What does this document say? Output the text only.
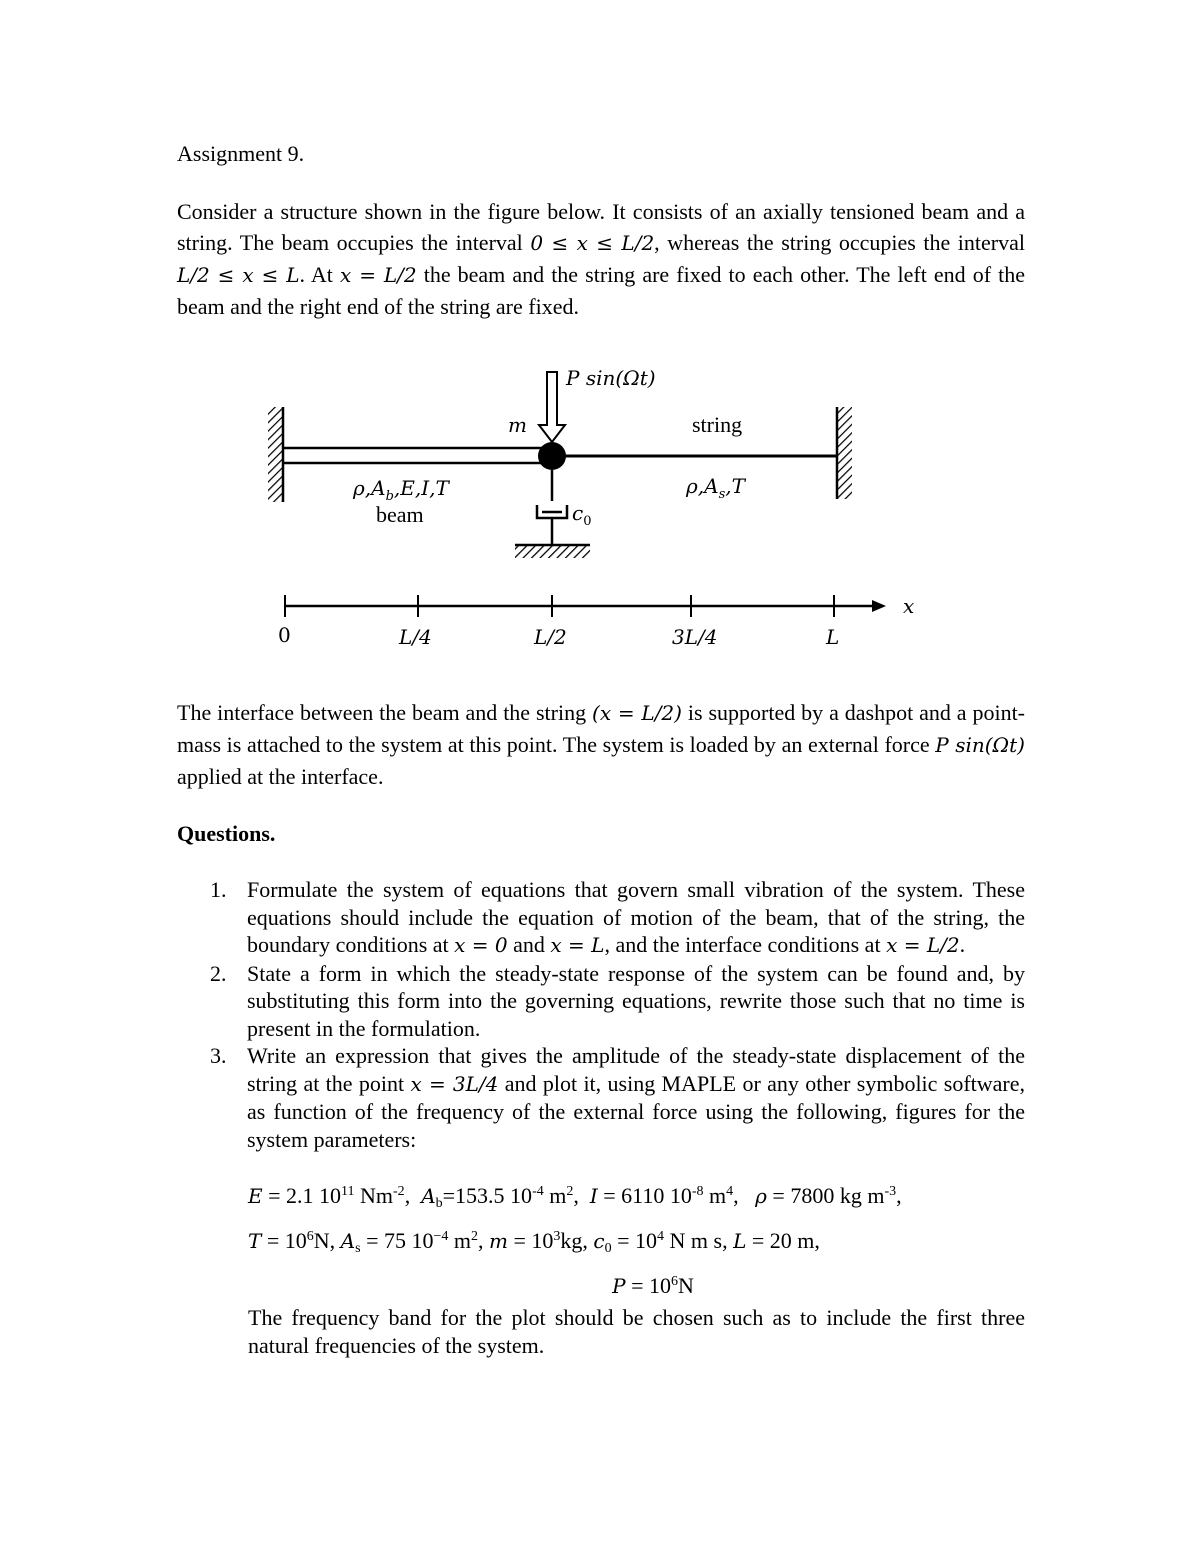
Assignment 9.

Consider a structure shown in the figure below. It consists of an axially tensioned beam and a string. The beam occupies the interval 0 ≤ x ≤ L/2, whereas the string occupies the interval L/2 ≤ x ≤ L. At x = L/2 the beam and the string are fixed to each other. The left end of the beam and the right end of the string are fixed.

P sin(Ωt)
m	string
$\rho,A_b,E,I,T$
beam
$\rho,A_s,T$
$c_0$
0	L/4	L/2	3L/4	L
x

The interface between the beam and the string (x = L/2) is supported by a dashpot and a point-mass is attached to the system at this point. The system is loaded by an external force P sin(Ωt) applied at the interface.

Questions.
1. Formulate the system of equations that govern small vibration of the system. These equations should include the equation of motion of the beam, that of the string, the boundary conditions at x = 0 and x = L, and the interface conditions at x = L/2.
2. State a form in which the steady-state response of the system can be found and, by substituting this form into the governing equations, rewrite those such that no time is present in the formulation.
3. Write an expression that gives the amplitude of the steady-state displacement of the string at the point x = 3L/4 and plot it, using MAPLE or any other symbolic software, as function of the frequency of the external force using the following, figures for the system parameters:
E = 2.1 $10^{11}$ $Nm^{-2}$, $A_b=153.5$ $10^{-4}$ $m^2$, I = 6110 $10^{-8}$ $m^4$, ρ = 7800 kg $m^{-3}$,
$T = 10^6N$, $A_s = 75$ $10^{-4}$ $m^2$, $m = 10^3kg$, $c_0 = 10^4$ N m s, L = 20 m,
$P = 10^6N$
The frequency band for the plot should be chosen such as to include the first three natural frequencies of the system.
